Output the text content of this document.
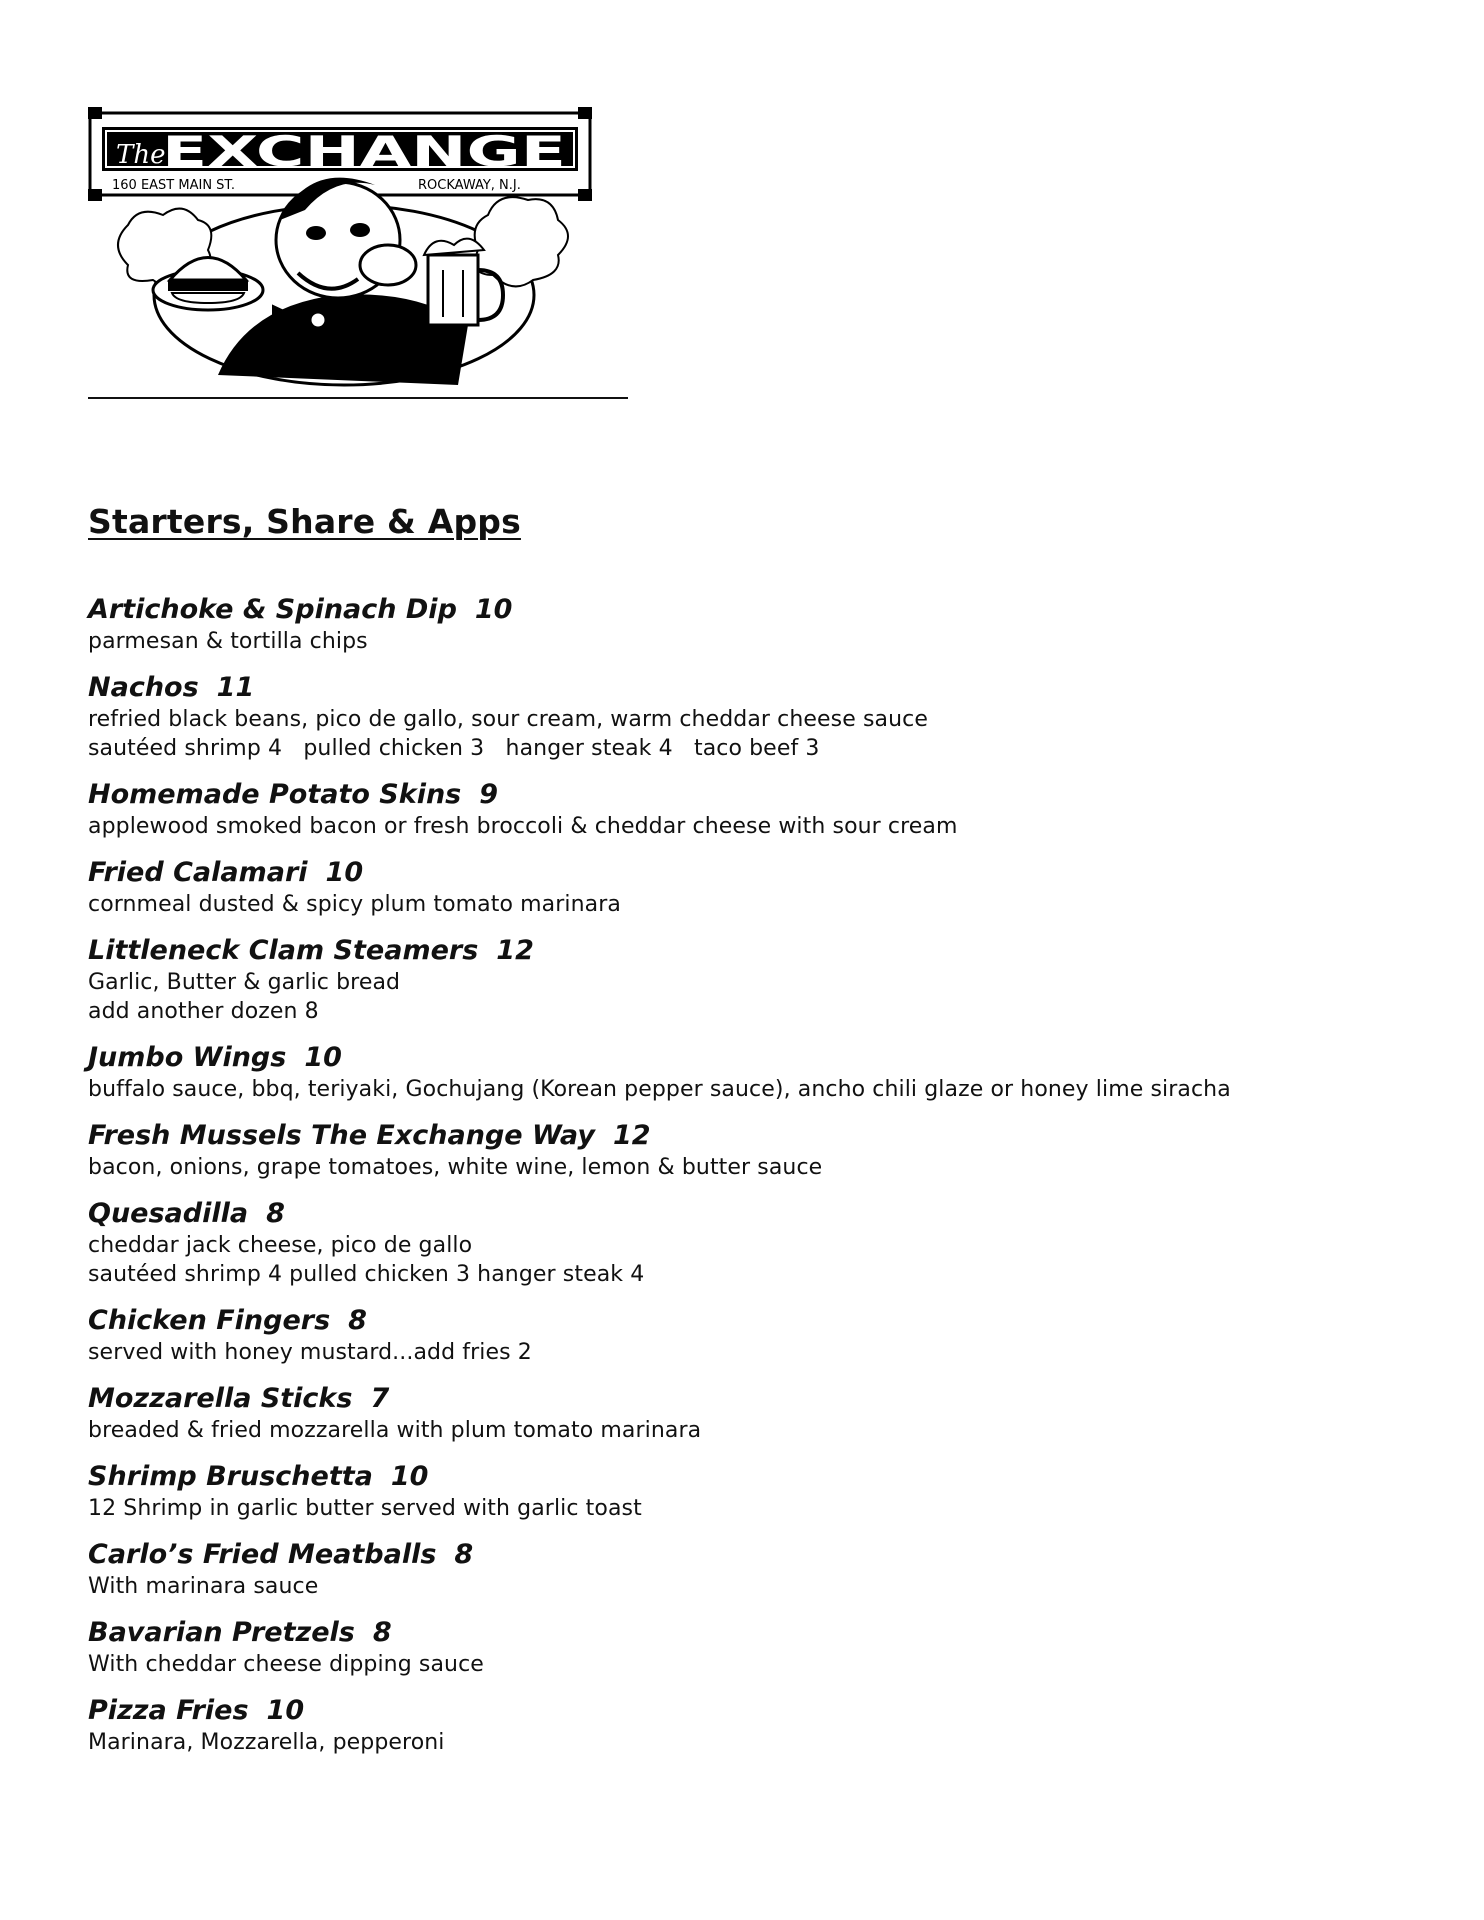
The
EXCHANGE
160 EAST MAIN ST.	ROCKAWAY, N.J.
Starters, Share & Apps
Artichoke & Spinach Dip 10
parmesan & tortilla chips
Nachos 11
refried black beans, pico de gallo, sour cream, warm cheddar cheese sauce
sautéed shrimp 4   pulled chicken 3   hanger steak 4   taco beef 3
Homemade Potato Skins 9
applewood smoked bacon or fresh broccoli & cheddar cheese with sour cream
Fried Calamari 10
cornmeal dusted & spicy plum tomato marinara
Littleneck Clam Steamers 12
Garlic, Butter & garlic bread
add another dozen 8
Jumbo Wings 10
buffalo sauce, bbq, teriyaki, Gochujang (Korean pepper sauce), ancho chili glaze or honey lime siracha
Fresh Mussels The Exchange Way 12
bacon, onions, grape tomatoes, white wine, lemon & butter sauce
Quesadilla 8
cheddar jack cheese, pico de gallo
sautéed shrimp 4 pulled chicken 3 hanger steak 4
Chicken Fingers 8
served with honey mustard...add fries 2
Mozzarella Sticks 7
breaded & fried mozzarella with plum tomato marinara
Shrimp Bruschetta 10
12 Shrimp in garlic butter served with garlic toast
Carlo’s Fried Meatballs 8
With marinara sauce
Bavarian Pretzels 8
With cheddar cheese dipping sauce
Pizza Fries 10
Marinara, Mozzarella, pepperoni
